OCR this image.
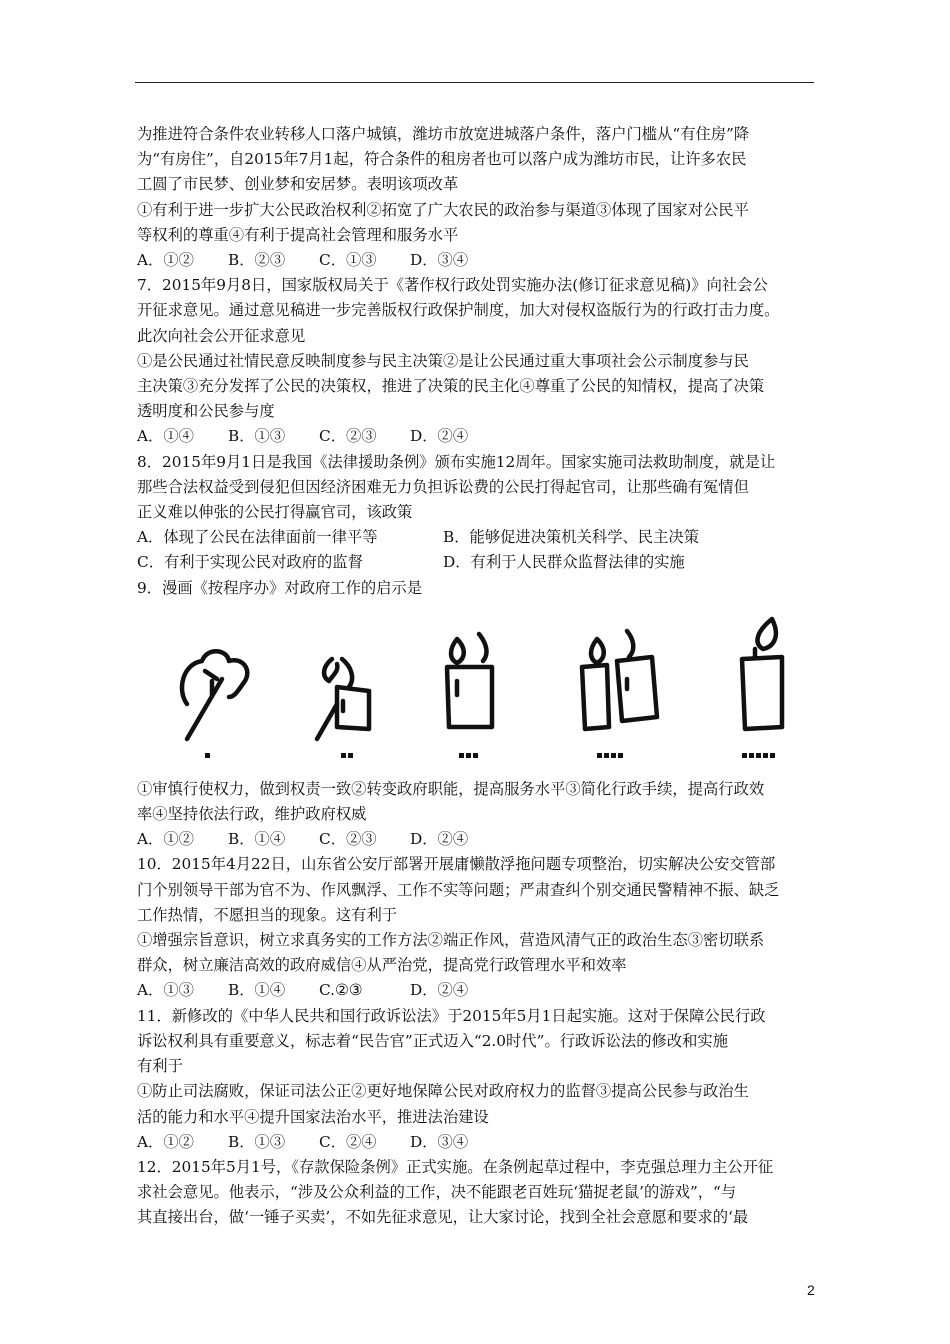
为推进符合条件农业转移人口落户城镇，潍坊市放宽进城落户条件，落户门槛从“有住房”降

为“有房住”，自2015年7月1起，符合条件的租房者也可以落户成为潍坊市民，让许多农民

工圆了市民梦、创业梦和安居梦。表明该项改革

①有利于进一步扩大公民政治权利②拓宽了广大农民的政治参与渠道③体现了国家对公民平

等权利的尊重④有利于提高社会管理和服务水平

A．①② B．②③ C．①③ D．③④

7．2015年9月8日，国家版权局关于《著作权行政处罚实施办法(修订征求意见稿)》向社会公

开征求意见。通过意见稿进一步完善版权行政保护制度，加大对侵权盗版行为的行政打击力度。

此次向社会公开征求意见

①是公民通过社情民意反映制度参与民主决策②是让公民通过重大事项社会公示制度参与民

主决策③充分发挥了公民的决策权，推进了决策的民主化④尊重了公民的知情权，提高了决策

透明度和公民参与度

A．①④ B．①③ C．②③ D．②④

8．2015年9月1日是我国《法律援助条例》颁布实施12周年。国家实施司法救助制度，就是让

那些合法权益受到侵犯但因经济困难无力负担诉讼费的公民打得起官司，让那些确有冤情但

正义难以伸张的公民打得赢官司，该政策

A．体现了公民在法律面前一律平等	B．能够促进决策机关科学、民主决策

C．有利于实现公民对政府的监督	D．有利于人民群众监督法律的实施

9．漫画《按程序办》对政府工作的启示是

①审慎行使权力，做到权责一致②转变政府职能，提高服务水平③简化行政手续，提高行政效

率④坚持依法行政，维护政府权威

A．①② B．①④ C．②③ D．②④

10．2015年4月22日，山东省公安厅部署开展庸懒散浮拖问题专项整治，切实解决公安交管部

门个别领导干部为官不为、作风飘浮、工作不实等问题；严肃查纠个别交通民警精神不振、缺乏

工作热情，不愿担当的现象。这有利于

①增强宗旨意识，树立求真务实的工作方法②端正作风，营造风清气正的政治生态③密切联系

群众，树立廉洁高效的政府威信④从严治党，提高党行政管理水平和效率

A．①③ B．①④ C.②③	D．②④

11．新修改的《中华人民共和国行政诉讼法》于2015年5月1日起实施。这对于保障公民行政

诉讼权利具有重要意义，标志着“民告官”正式迈入“2.0时代”。行政诉讼法的修改和实施

有利于

①防止司法腐败，保证司法公正②更好地保障公民对政府权力的监督③提高公民参与政治生

活的能力和水平④提升国家法治水平，推进法治建设

A．①② B．①③ C．②④ D．③④

12．2015年5月1号，《存款保险条例》正式实施。在条例起草过程中，李克强总理力主公开征

求社会意见。他表示，“涉及公众利益的工作，决不能跟老百姓玩‘猫捉老鼠’的游戏”，“与

其直接出台，做‘一锤子买卖’，不如先征求意见，让大家讨论，找到全社会意愿和要求的‘最

2
